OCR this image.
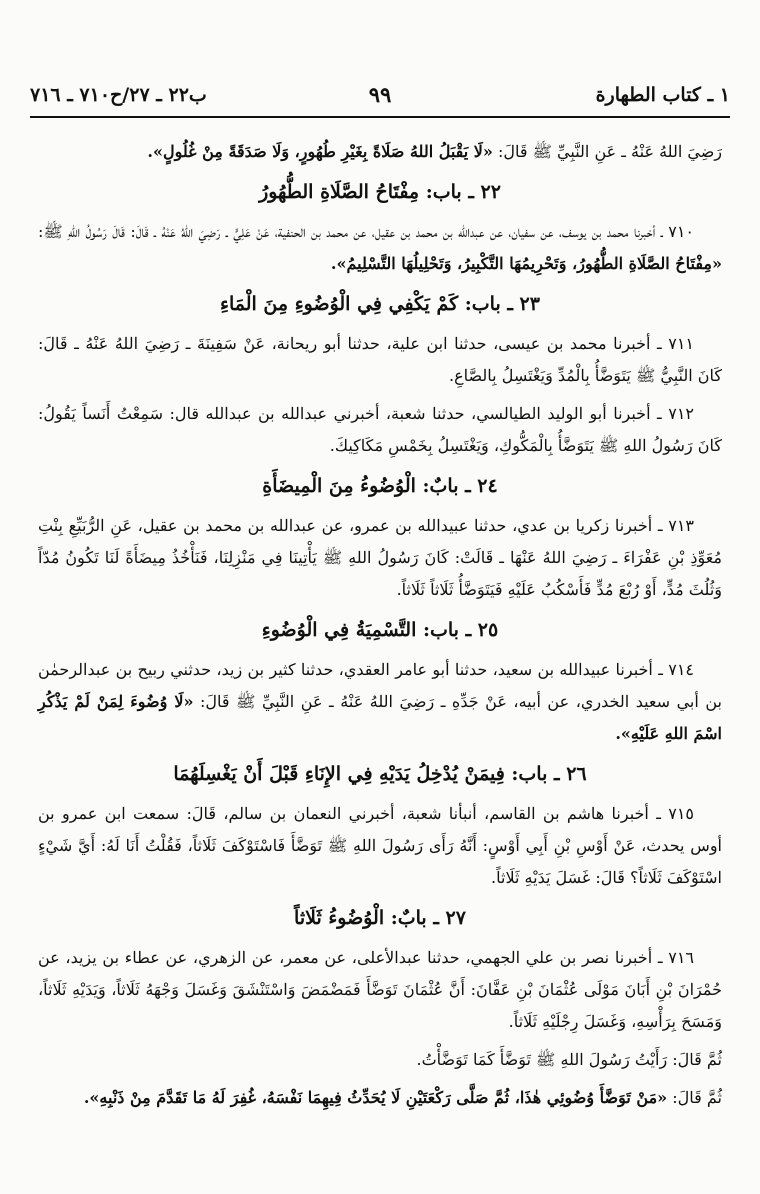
١ ـ كتاب الطهارة
٩٩
ب٢٢ ـ ٢٧/ح٧١٠ ـ ٧١٦

رَضِيَ اللهُ عَنْهُ ـ عَنِ النَّبِيِّ ﷺ قَالَ: «لَا يَقْبَلُ اللهُ صَلَاةً بِغَيْرِ طُهُورٍ، وَلَا صَدَقَةً مِنْ غُلُولٍ».

٢٢ ـ باب: مِفْتَاحُ الصَّلَاةِ الطُّهُورُ

٧١٠ ـ أخبرنا محمد بن يوسف، عن سفيان، عن عبدالله بن محمد بن عقيل، عن محمد بن الحنفية، عَنْ عَلِيٍّ ـ رَضِيَ اللهُ عَنْهُ ـ قَالَ: قَالَ رَسُولُ اللهِ ﷺ: «مِفْتَاحُ الصَّلَاةِ الطُّهُورُ، وَتَحْرِيمُهَا التَّكْبِيرُ، وَتَحْلِيلُهَا التَّسْلِيمُ».

٢٣ ـ باب: كَمْ يَكْفِي فِي الْوُضُوءِ مِنَ الْمَاءِ

٧١١ ـ أخبرنا محمد بن عيسى، حدثنا ابن علية، حدثنا أبو ريحانة، عَنْ سَفِينَةَ ـ رَضِيَ اللهُ عَنْهُ ـ قَالَ: كَانَ النَّبِيُّ ﷺ يَتَوَضَّأُ بِالْمُدِّ وَيَغْتَسِلُ بِالصَّاعِ.

٧١٢ ـ أخبرنا أبو الوليد الطيالسي، حدثنا شعبة، أخبرني عبدالله بن عبدالله قال: سَمِعْتُ أَنَساً يَقُولُ: كَانَ رَسُولُ اللهِ ﷺ يَتَوَضَّأُ بِالْمَكُّوكِ، وَيَغْتَسِلُ بِخَمْسِ مَكَاكِيكَ.

٢٤ ـ بابٌ: الْوُضُوءُ مِنَ الْمِيضَأَةِ

٧١٣ ـ أخبرنا زكريا بن عدي، حدثنا عبيدالله بن عمرو، عن عبدالله بن محمد بن عقيل، عَنِ الرُّبَيِّعِ بِنْتِ مُعَوِّذِ بْنِ عَفْرَاءَ ـ رَضِيَ اللهُ عَنْهَا ـ قَالَتْ: كَانَ رَسُولُ اللهِ ﷺ يَأْتِينَا فِي مَنْزِلِنَا، فَنَأْخُذُ مِيضَأَةً لَنَا تَكُونُ مُدّاً وَثُلُثَ مُدٍّ، أَوْ رُبْعَ مُدٍّ فَأَسْكُبُ عَلَيْهِ فَيَتَوَضَّأُ ثَلَاثاً ثَلَاثاً.

٢٥ ـ باب: التَّسْمِيَةُ فِي الْوُضُوءِ

٧١٤ ـ أخبرنا عبيدالله بن سعيد، حدثنا أبو عامر العقدي، حدثنا كثير بن زيد، حدثني ربيح بن عبدالرحمٰن بن أبي سعيد الخدري، عن أبيه، عَنْ جَدِّهِ ـ رَضِيَ اللهُ عَنْهُ ـ عَنِ النَّبِيِّ ﷺ قَالَ: «لَا وُضُوءَ لِمَنْ لَمْ يَذْكُرِ اسْمَ اللهِ عَلَيْهِ».

٢٦ ـ باب: فِيمَنْ يُدْخِلُ يَدَيْهِ فِي الإِنَاءِ قَبْلَ أَنْ يَغْسِلَهُمَا

٧١٥ ـ أخبرنا هاشم بن القاسم، أنبأنا شعبة، أخبرني النعمان بن سالم، قَالَ: سمعت ابن عمرو بن أوس يحدث، عَنْ أَوْسِ بْنِ أَبِي أَوْسٍ: أَنَّهُ رَأَى رَسُولَ اللهِ ﷺ تَوَضَّأَ فَاسْتَوْكَفَ ثَلَاثاً، فَقُلْتُ أَنَا لَهُ: أَيَّ شَيْءٍ اسْتَوْكَفَ ثَلَاثاً؟ قَالَ: غَسَلَ يَدَيْهِ ثَلَاثاً.

٢٧ ـ بابٌ: الْوُضُوءُ ثَلَاثاً

٧١٦ ـ أخبرنا نصر بن علي الجهمي، حدثنا عبدالأعلى، عن معمر، عن الزهري، عن عطاء بن يزيد، عن حُمْرَانَ بْنِ أَبَانَ مَوْلَى عُثْمَانَ بْنِ عَفَّانَ: أَنَّ عُثْمَانَ تَوَضَّأَ فَمَضْمَضَ وَاسْتَنْشَقَ وَغَسَلَ وَجْهَهُ ثَلَاثاً، وَيَدَيْهِ ثَلَاثاً، وَمَسَحَ بِرَأْسِهِ، وَغَسَلَ رِجْلَيْهِ ثَلَاثاً.

ثُمَّ قَالَ: رَأَيْتُ رَسُولَ اللهِ ﷺ تَوَضَّأَ كَمَا تَوَضَّأْتُ.

ثُمَّ قَالَ: «مَنْ تَوَضَّأَ وُضُوئِي هٰذَا، ثُمَّ صَلَّى رَكْعَتَيْنِ لَا يُحَدِّثُ فِيهِمَا نَفْسَهُ، غُفِرَ لَهُ مَا تَقَدَّمَ مِنْ ذَنْبِهِ».
